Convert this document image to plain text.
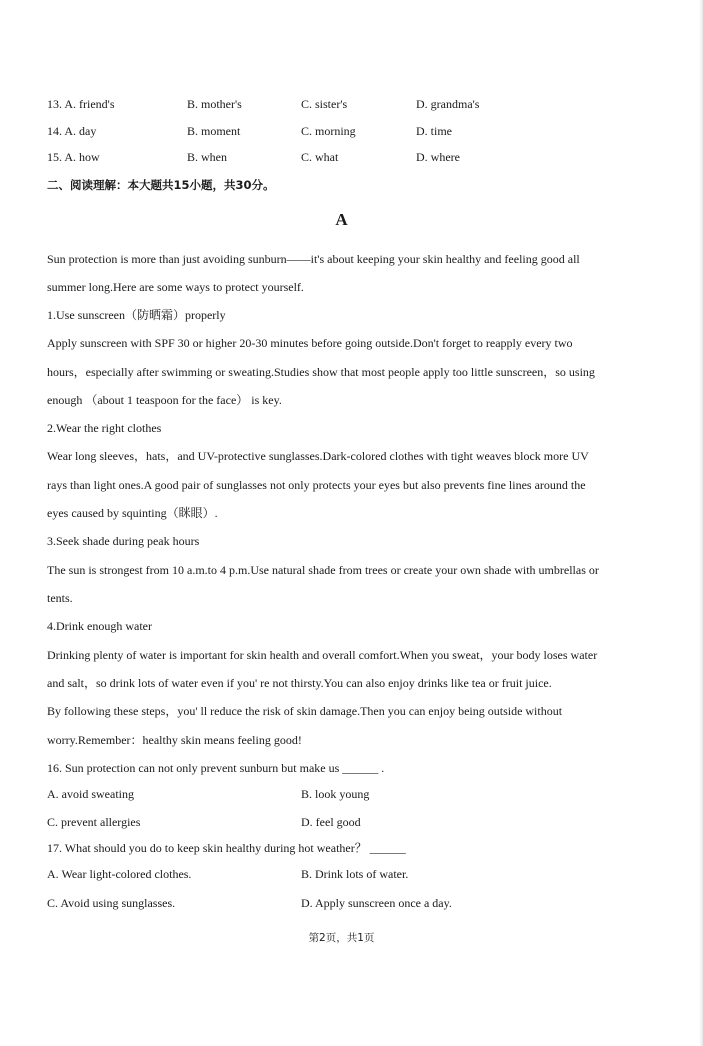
13. A. friend's	B. mother's	C. sister's	D. grandma's
14. A. day	B. moment	C. morning	D. time
15. A. how	B. when	C. what	D. where
二、阅读理解：本大题共15小题，共30分。
A
Sun protection is more than just avoiding sunburn——it's about keeping your skin healthy and feeling good all
summer long.Here are some ways to protect yourself.
1.Use sunscreen（防晒霜）properly
Apply sunscreen with SPF 30 or higher 20-30 minutes before going outside.Don't forget to reapply every two
hours，especially after swimming or sweating.Studies show that most people apply too little sunscreen，so using
enough （about 1 teaspoon for the face） is key.
2.Wear the right clothes
Wear long sleeves，hats，and UV-protective sunglasses.Dark-colored clothes with tight weaves block more UV
rays than light ones.A good pair of sunglasses not only protects your eyes but also prevents fine lines around the
eyes caused by squinting（眯眼）.
3.Seek shade during peak hours
The sun is strongest from 10 a.m.to 4 p.m.Use natural shade from trees or create your own shade with umbrellas or
tents.
4.Drink enough water
Drinking plenty of water is important for skin health and overall comfort.When you sweat，your body loses water
and salt，so drink lots of water even if you' re not thirsty.You can also enjoy drinks like tea or fruit juice.
By following these steps，you' ll reduce the risk of skin damage.Then you can enjoy being outside without
worry.Remember：healthy skin means feeling good!
16. Sun protection can not only prevent sunburn but make us ______ .
A. avoid sweating	B. look young
C. prevent allergies	D. feel good
17. What should you do to keep skin healthy during hot weather？ ______
A. Wear light-colored clothes.	B. Drink lots of water.
C. Avoid using sunglasses.	D. Apply sunscreen once a day.
第2页，共1页
